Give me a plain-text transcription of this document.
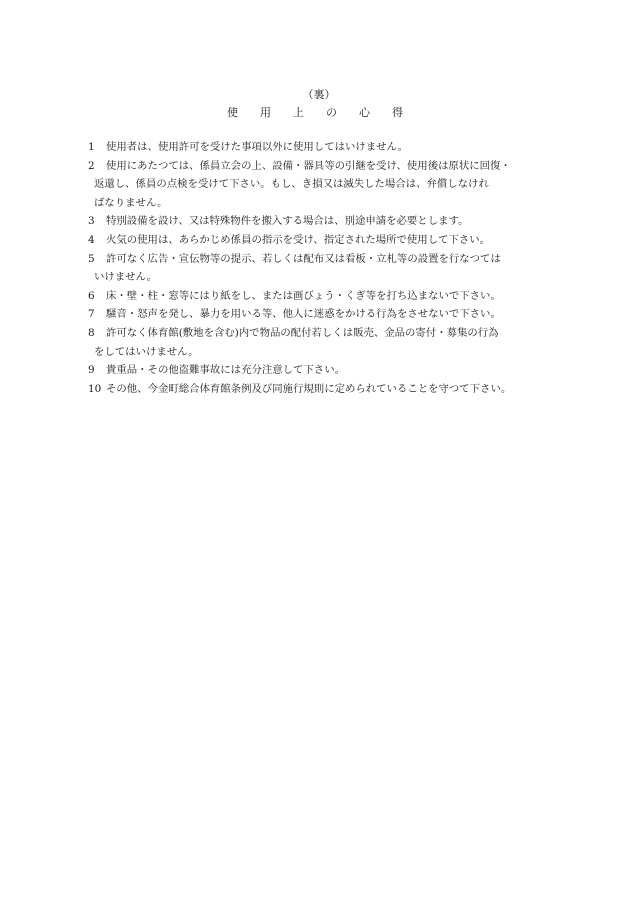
（裏）
使 用 上 の 心 得
1 使用者は、使用許可を受けた事項以外に使用してはいけません。
2 使用にあたつては、係員立会の上、設備・器具等の引継を受け、使用後は原状に回復・
返還し、係員の点検を受けて下さい。もし、き損又は滅失した場合は、弁償しなけれ
ばなりません。
3 特別設備を設け、又は特殊物件を搬入する場合は、別途申請を必要とします。
4 火気の使用は、あらかじめ係員の指示を受け、指定された場所で使用して下さい。
5 許可なく広告・宣伝物等の提示、若しくは配布又は看板・立札等の設置を行なつては
いけません。
6 床・壁・柱・窓等にはり紙をし、または画びょう・くぎ等を打ち込まないで下さい。
7 騒音・怒声を発し、暴力を用いる等、他人に迷惑をかける行為をさせないで下さい。
8 許可なく体育館(敷地を含む)内で物品の配付若しくは販売、金品の寄付・募集の行為
をしてはいけません。
9 貴重品・その他盗難事故には充分注意して下さい。
10 その他、今金町総合体育館条例及び同施行規則に定められていることを守つて下さい。
